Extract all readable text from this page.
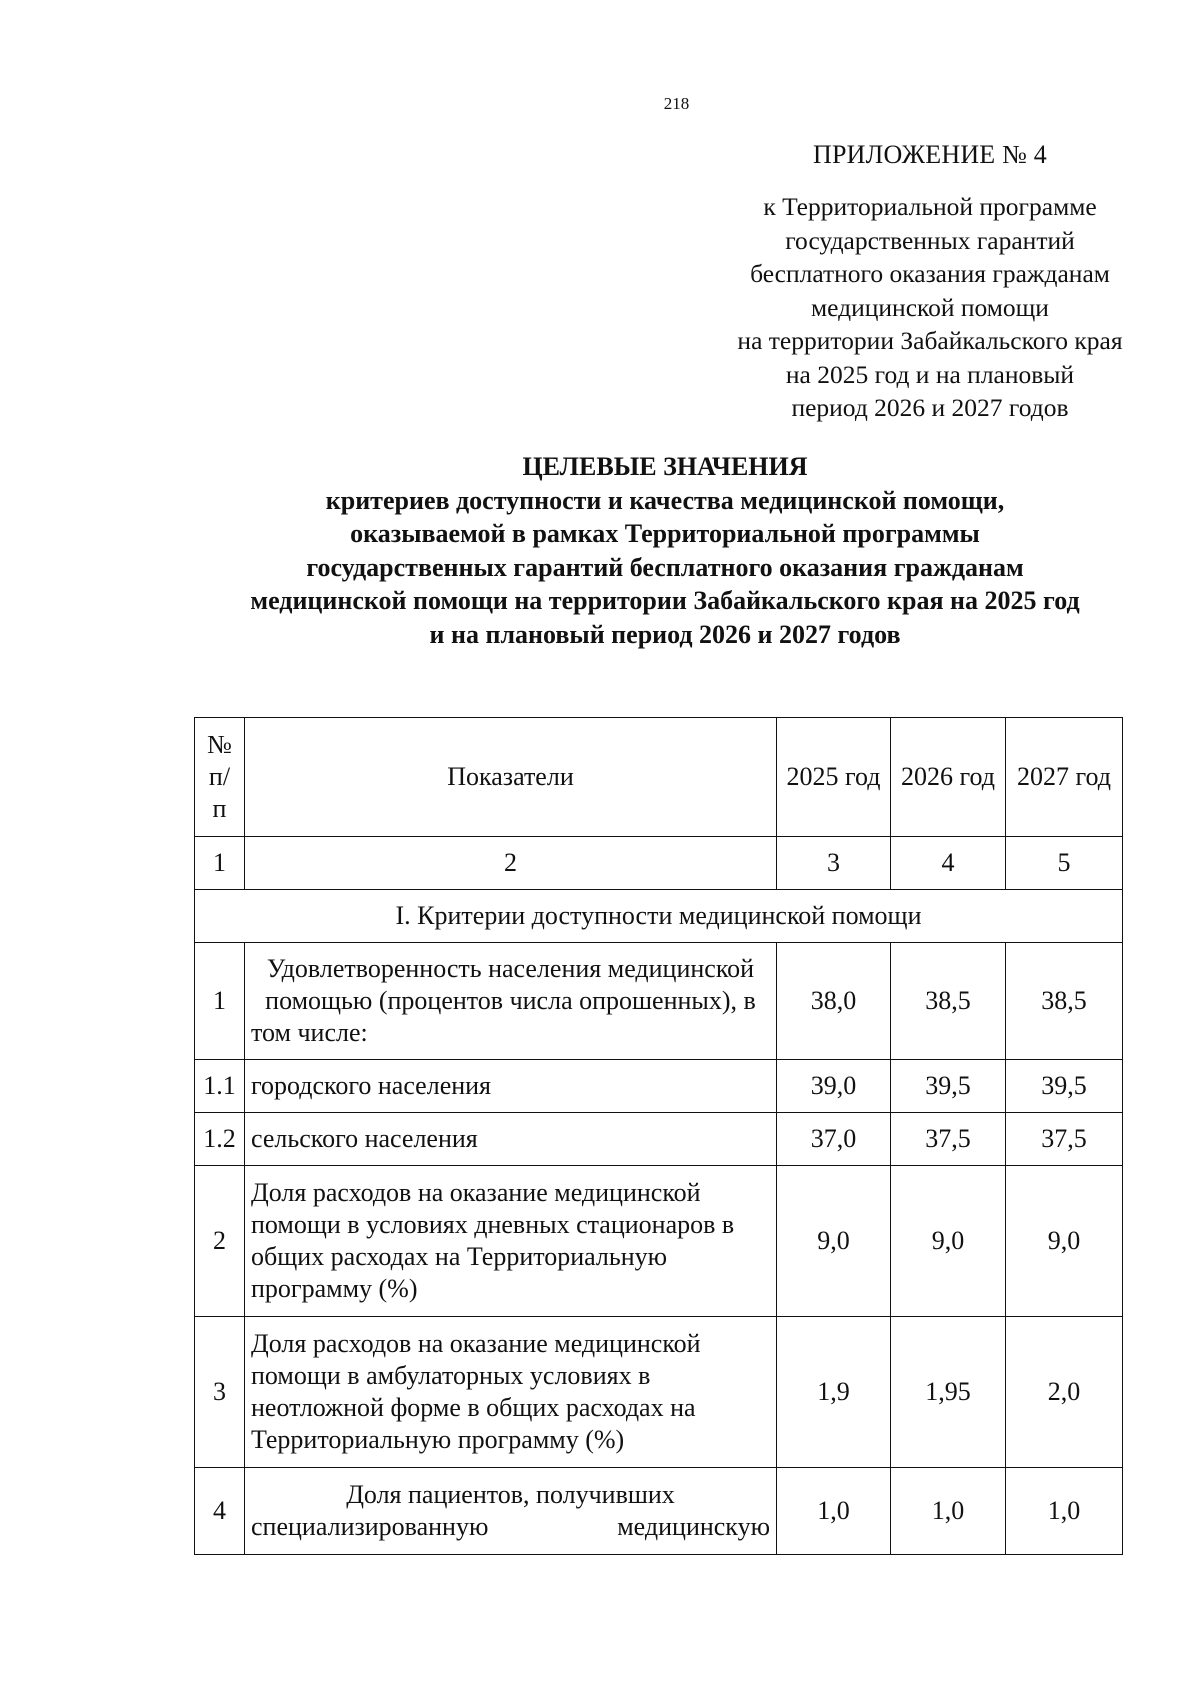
218
ПРИЛОЖЕНИЕ № 4
к Территориальной программе
государственных гарантий
бесплатного оказания гражданам
медицинской помощи
на территории Забайкальского края
на 2025 год и на плановый
период 2026 и 2027 годов
ЦЕЛЕВЫЕ ЗНАЧЕНИЯ
критериев доступности и качества медицинской помощи,
оказываемой в рамках Территориальной программы
государственных гарантий бесплатного оказания гражданам
медицинской помощи на территории Забайкальского края на 2025 год
и на плановый период 2026 и 2027 годов
№ п/ п	Показатели	2025 год	2026 год	2027 год
1	2	3	4	5
I. Критерии доступности медицинской помощи				
1	Удовлетворенность населения медицинской помощью (процентов числа опрошенных), в том числе:	38,0	38,5	38,5
1.1	городского населения	39,0	39,5	39,5
1.2	сельского населения	37,0	37,5	37,5
2	Доля расходов на оказание медицинской помощи в условиях дневных стационаров в общих расходах на Территориальную программу (%)	9,0	9,0	9,0
3	Доля расходов на оказание медицинской помощи в амбулаторных условиях в неотложной форме в общих расходах на Территориальную программу (%)	1,9	1,95	2,0
4	Доля пациентов, получивших специализированную медицинскую	1,0	1,0	1,0
